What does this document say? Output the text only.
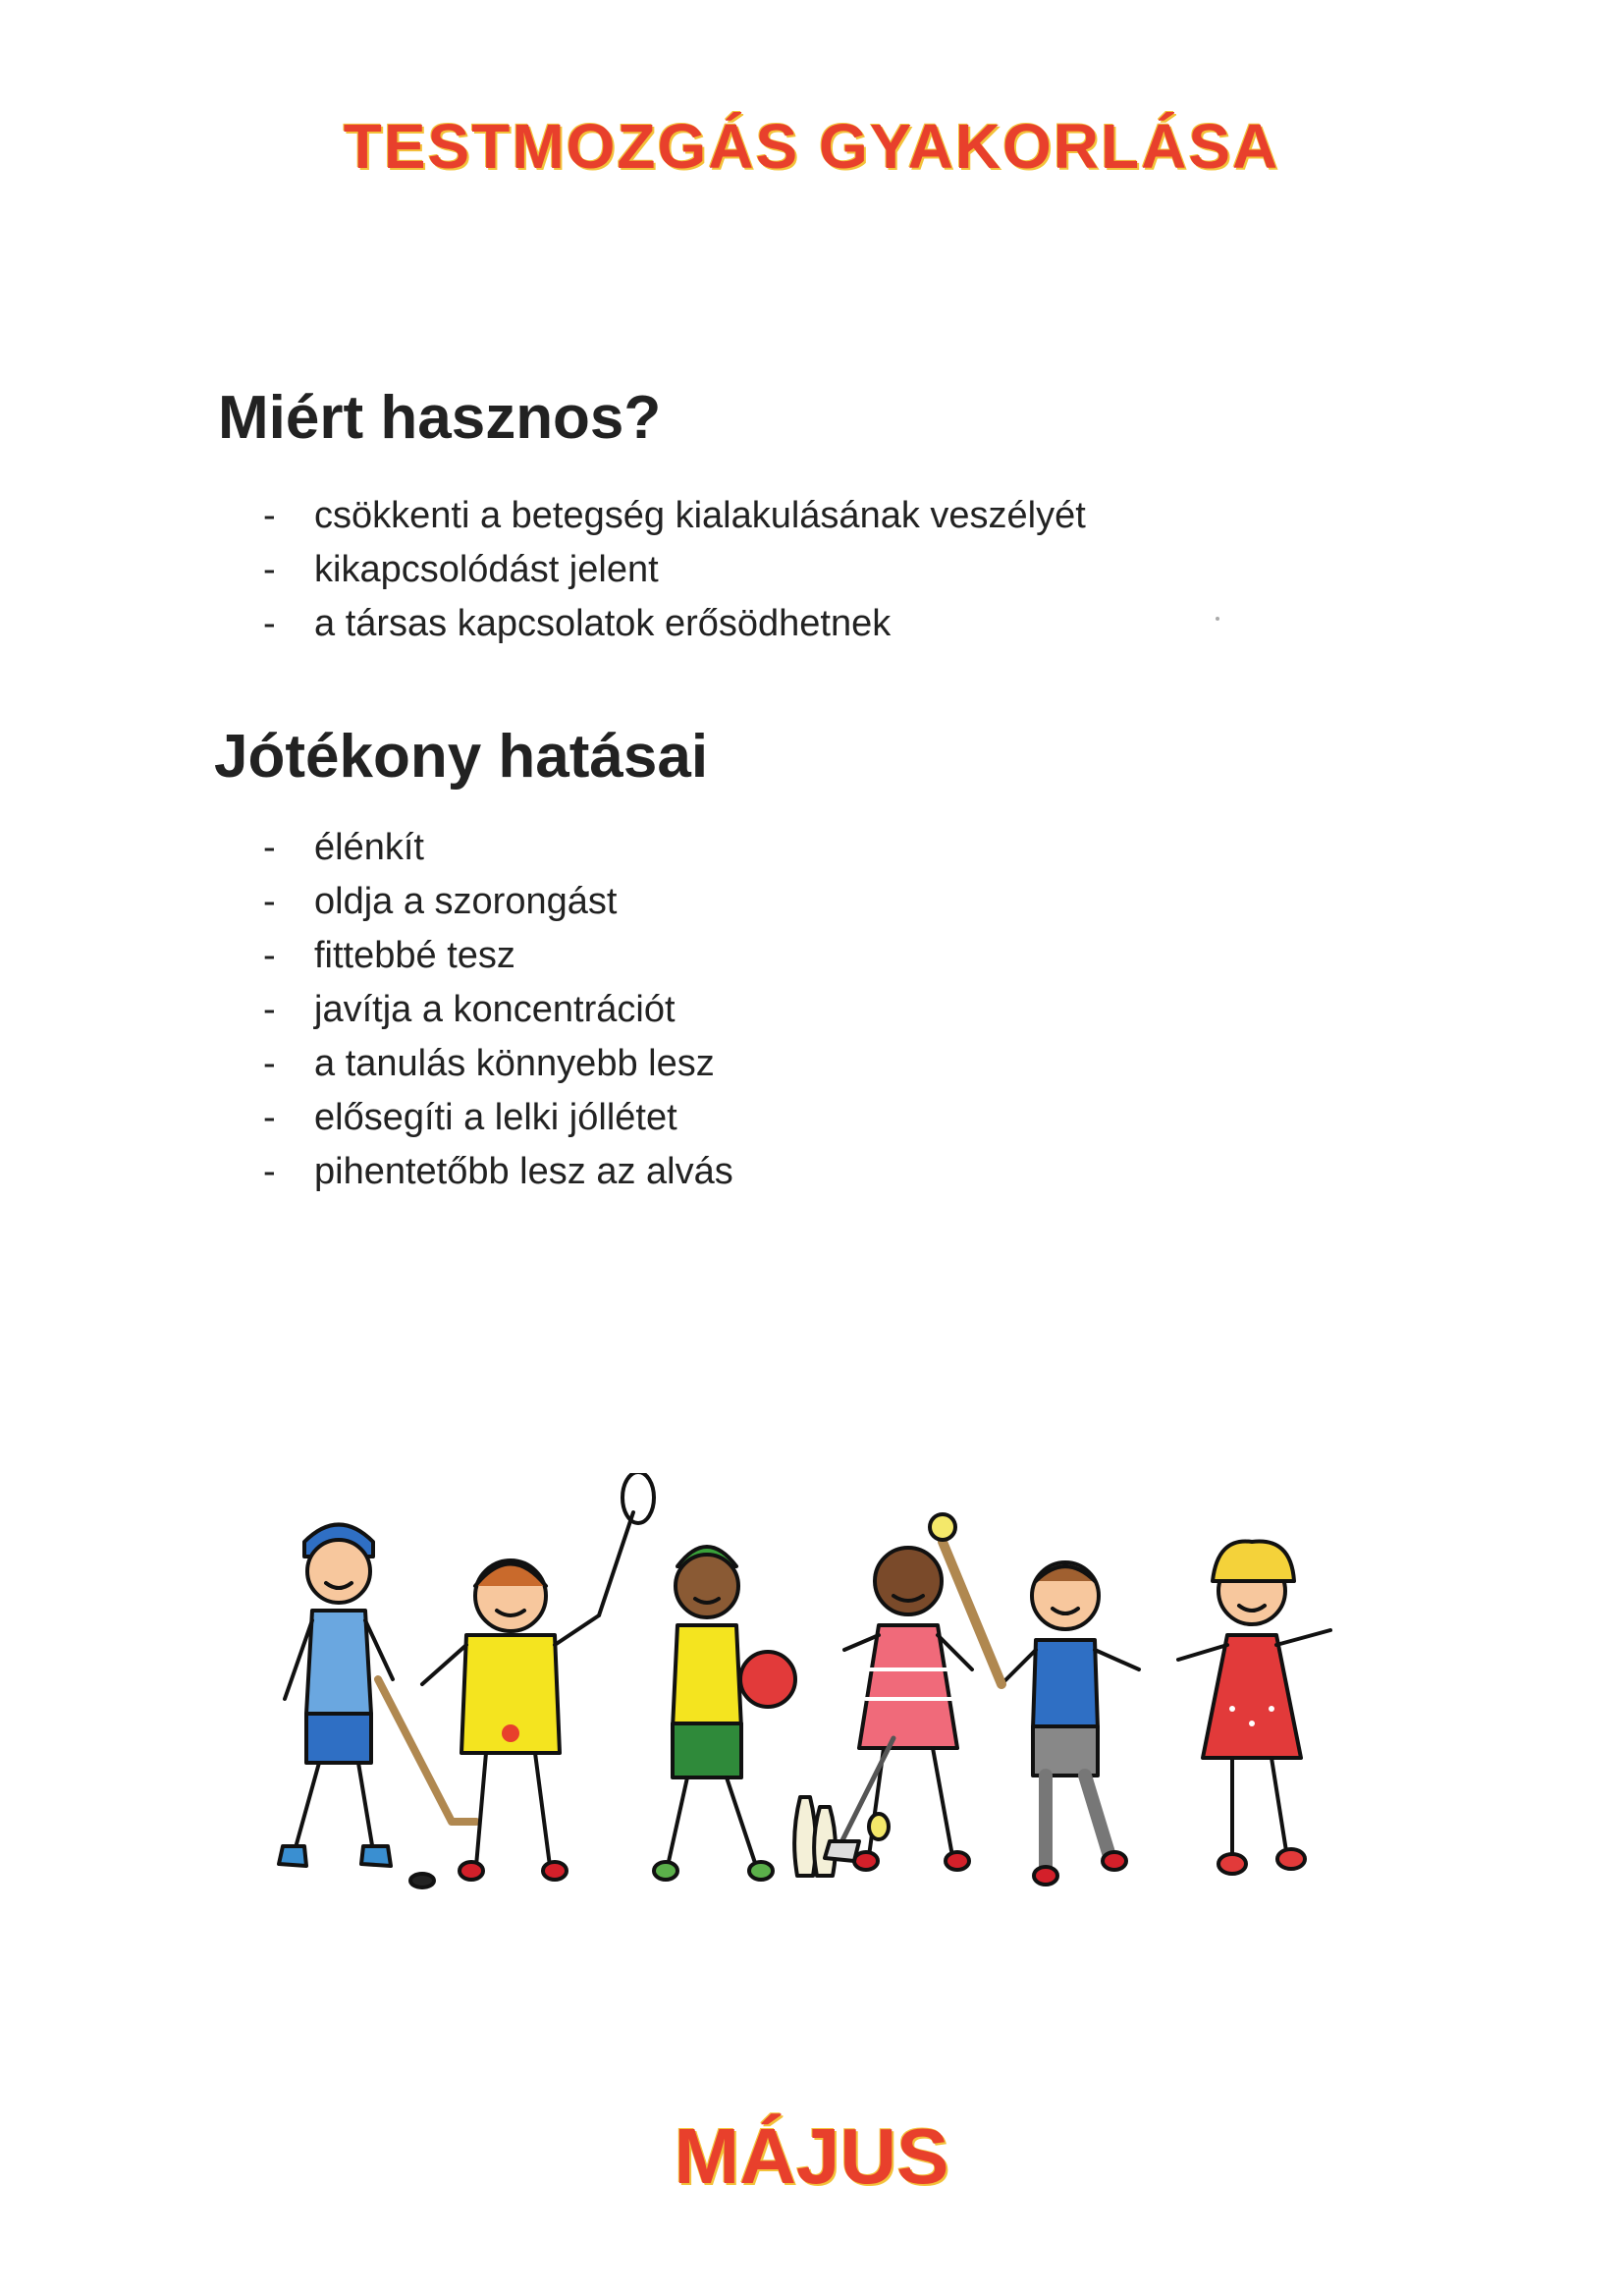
TESTMOZGÁS GYAKORLÁSA
Miért hasznos?
- csökkenti a betegség kialakulásának veszélyét
- kikapcsolódást jelent
- a társas kapcsolatok erősödhetnek
Jótékony hatásai
- élénkít
- oldja a szorongást
- fittebbé tesz
- javítja a koncentrációt
- a tanulás könnyebb lesz
- elősegíti a lelki jóllétet
- pihentetőbb lesz az alvás
MÁJUS
